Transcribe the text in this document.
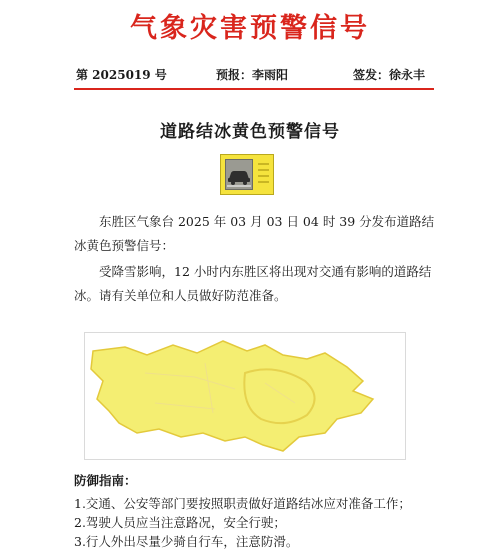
气象灾害预警信号
第 2025019 号	预报：李雨阳	签发：徐永丰
道路结冰黄色预警信号
东胜区气象台 2025 年 03 月 03 日 04 时 39 分发布道路结冰黄色预警信号：
受降雪影响，12 小时内东胜区将出现对交通有影响的道路结冰。请有关单位和人员做好防范准备。
防御指南：
1.交通、公安等部门要按照职责做好道路结冰应对准备工作；
2.驾驶人员应当注意路况，安全行驶；
3.行人外出尽量少骑自行车，注意防滑。
